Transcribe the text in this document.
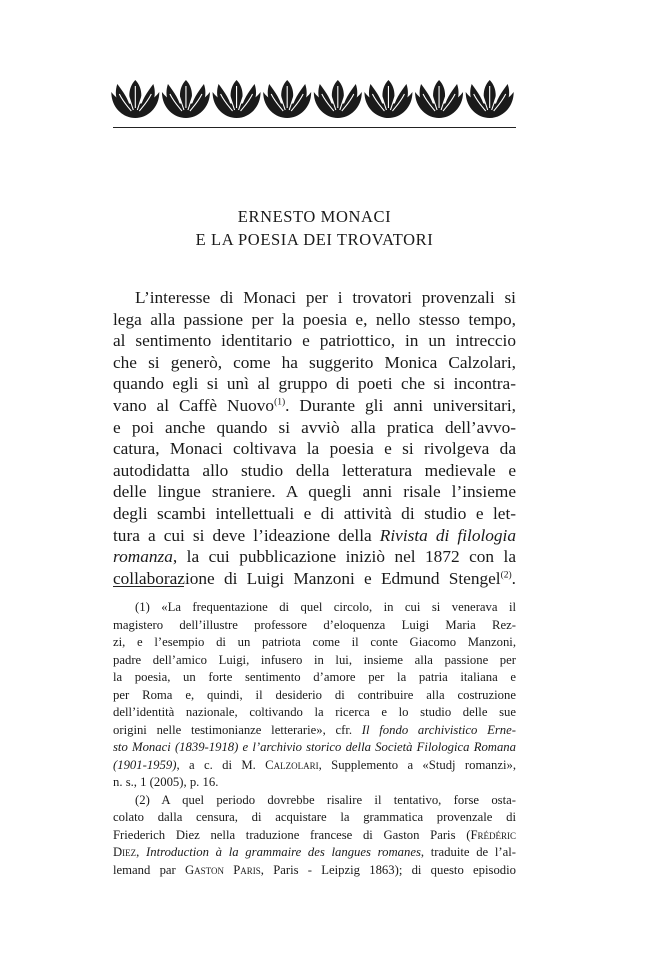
ERNESTO MONACI
E LA POESIA DEI TROVATORI
L’interesse di Monaci per i trovatori provenzali si
lega alla passione per la poesia e, nello stesso tempo,
al sentimento identitario e patriottico, in un intreccio
che si generò, come ha suggerito Monica Calzolari,
quando egli si unì al gruppo di poeti che si incontra-
vano al Caffè Nuovo$^{(1)}$. Durante gli anni universitari,
e poi anche quando si avviò alla pratica dell’avvo-
catura, Monaci coltivava la poesia e si rivolgeva da
autodidatta allo studio della letteratura medievale e
delle lingue straniere. A quegli anni risale l’insieme
degli scambi intellettuali e di attività di studio e let-
tura a cui si deve l’ideazione della Rivista di filologia
romanza, la cui pubblicazione iniziò nel 1872 con la
collaborazione di Luigi Manzoni e Edmund Stengel$^{(2)}$.
(1) «La frequentazione di quel circolo, in cui si venerava il
magistero dell’illustre professore d’eloquenza Luigi Maria Rez-
zi, e l’esempio di un patriota come il conte Giacomo Manzoni,
padre dell’amico Luigi, infusero in lui, insieme alla passione per
la poesia, un forte sentimento d’amore per la patria italiana e
per Roma e, quindi, il desiderio di contribuire alla costruzione
dell’identità nazionale, coltivando la ricerca e lo studio delle sue
origini nelle testimonianze letterarie», cfr. Il fondo archivistico Erne-
sto Monaci (1839-1918) e l’archivio storico della Società Filologica Romana
(1901-1959), a c. di M. Calzolari, Supplemento a «Studj romanzi»,
n. s., 1 (2005), p. 16.
(2) A quel periodo dovrebbe risalire il tentativo, forse osta-
colato dalla censura, di acquistare la grammatica provenzale di
Friederich Diez nella traduzione francese di Gaston Paris (Frédéric
Diez, Introduction à la grammaire des langues romanes, traduite de l’al-
lemand par Gaston Paris, Paris - Leipzig 1863); di questo episodio
